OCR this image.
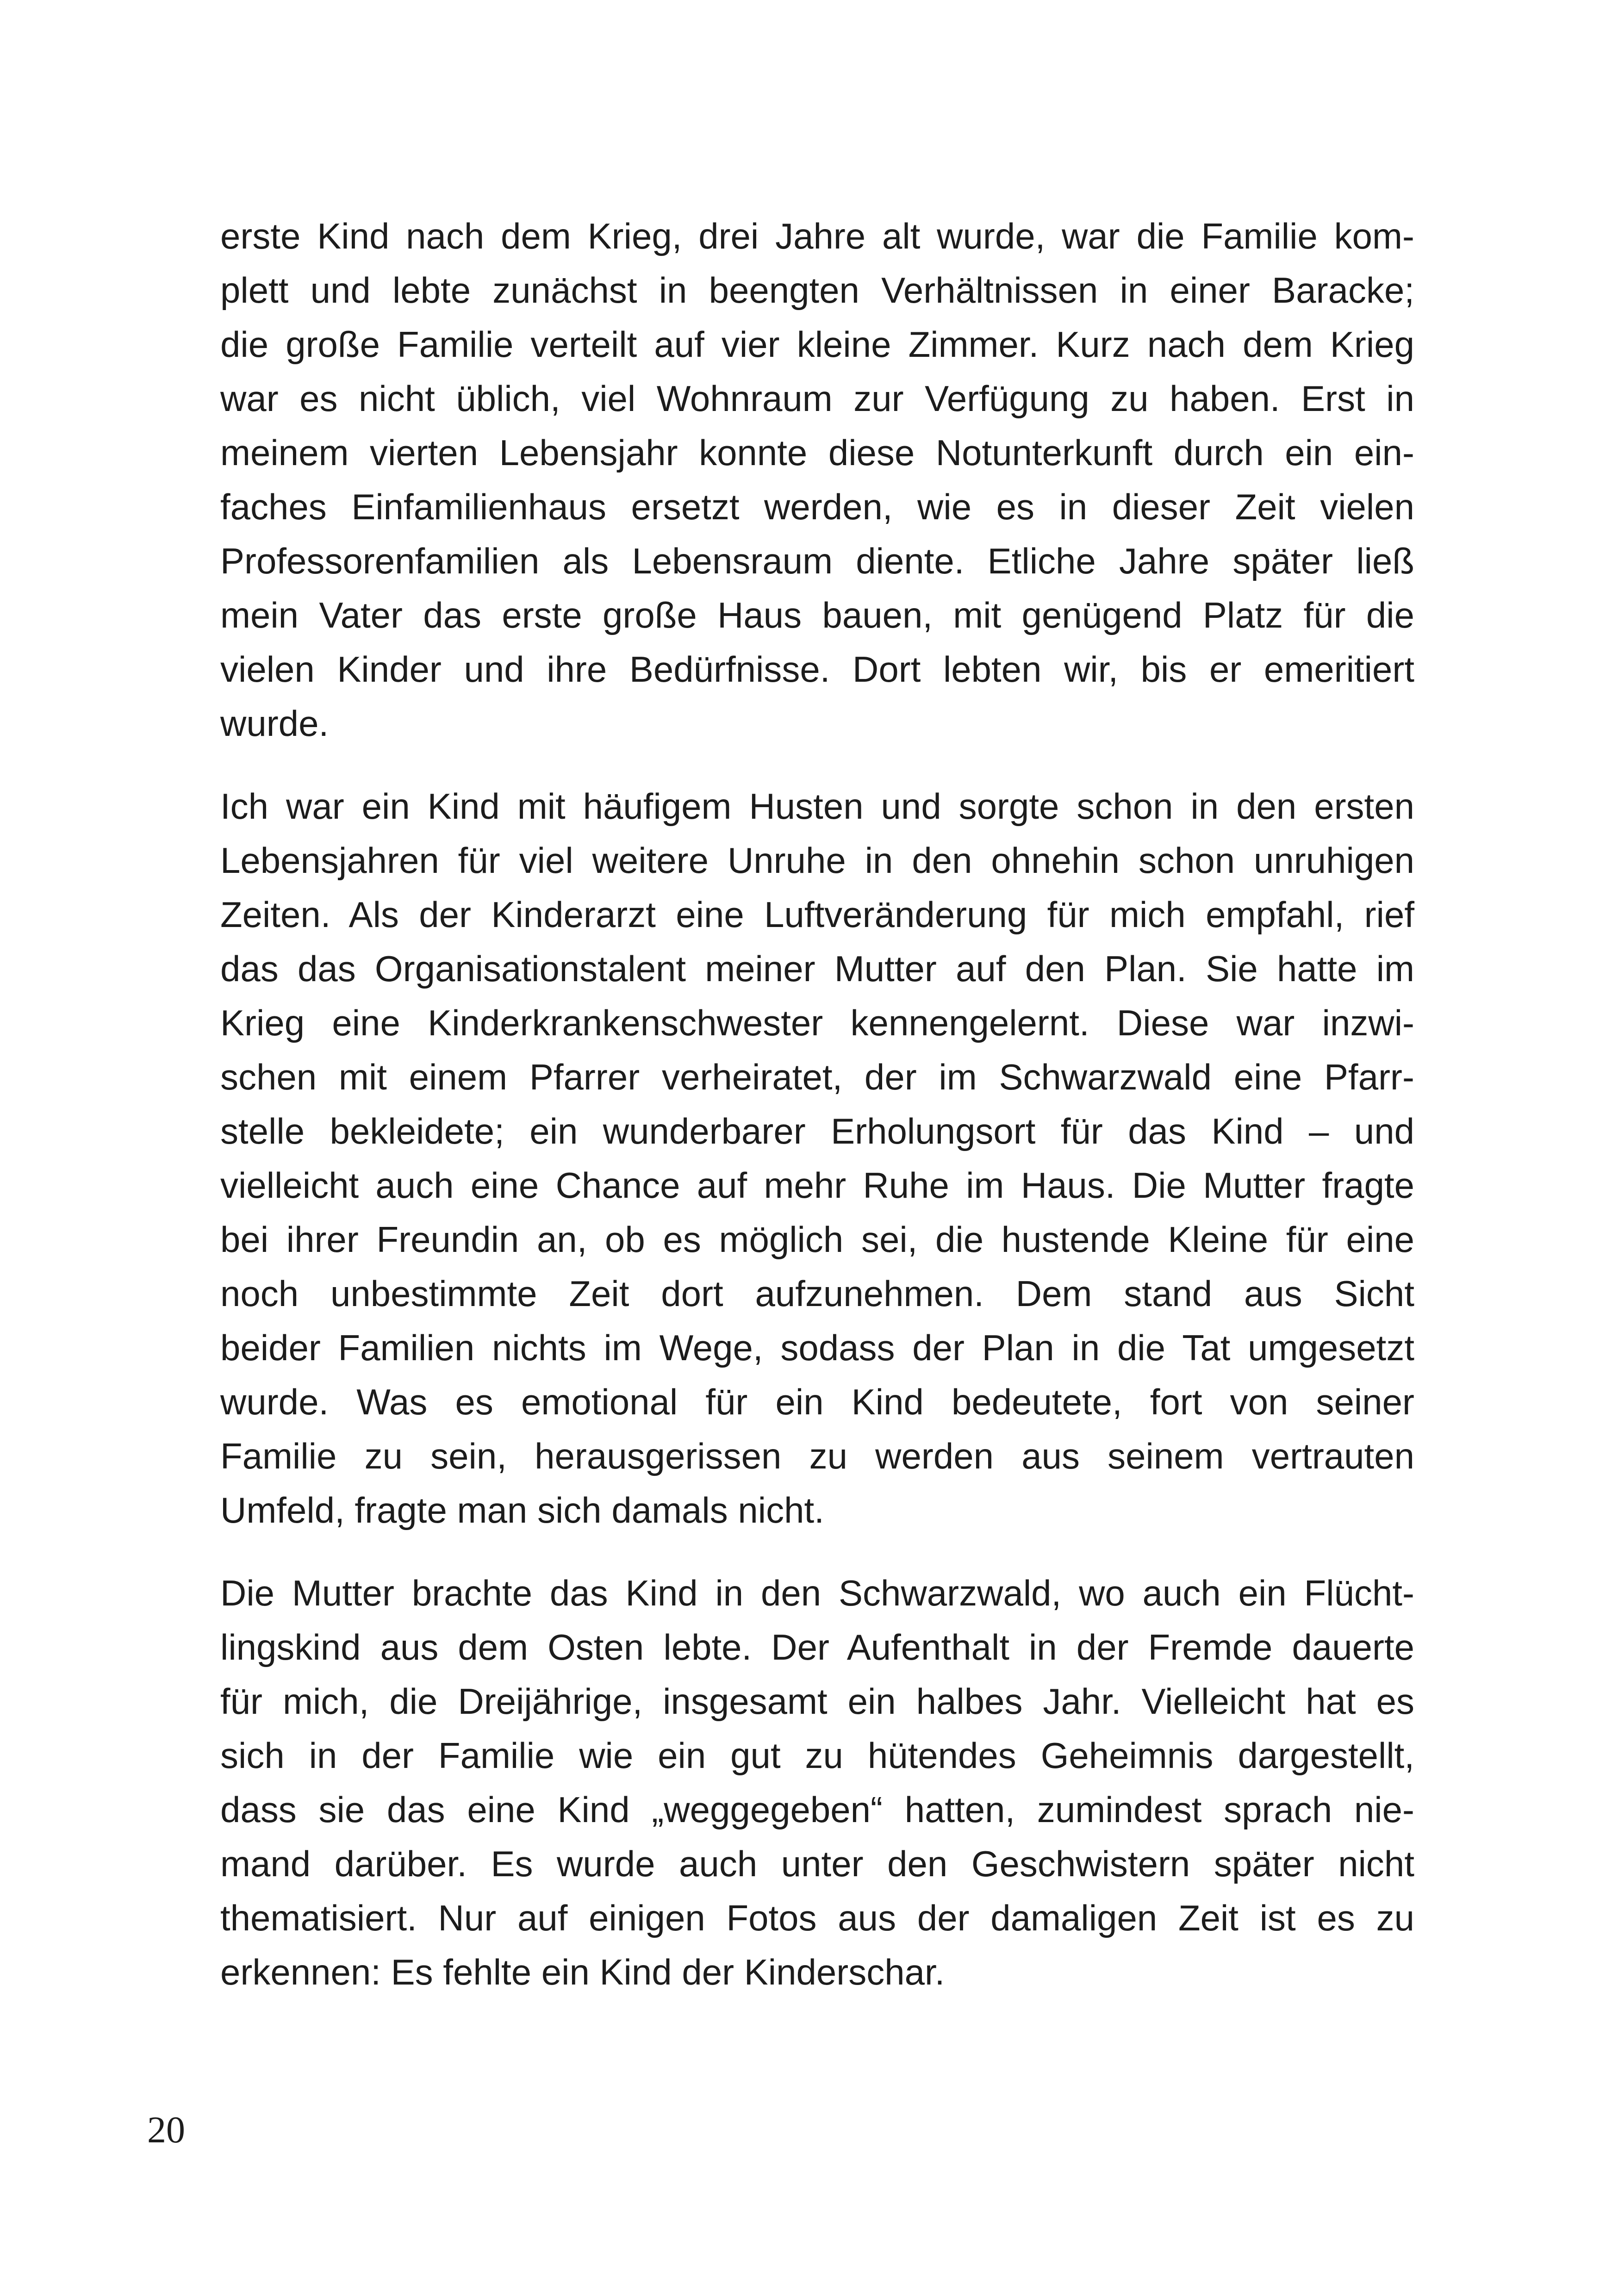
erste Kind nach dem Krieg, drei Jahre alt wurde, war die Familie kom-
plett und lebte zunächst in beengten Verhältnissen in einer Baracke;
die große Familie verteilt auf vier kleine Zimmer. Kurz nach dem Krieg
war es nicht üblich, viel Wohnraum zur Verfügung zu haben. Erst in
meinem vierten Lebensjahr konnte diese Notunterkunft durch ein ein-
faches Einfamilienhaus ersetzt werden, wie es in dieser Zeit vielen
Professorenfamilien als Lebensraum diente. Etliche Jahre später ließ
mein Vater das erste große Haus bauen, mit genügend Platz für die
vielen Kinder und ihre Bedürfnisse. Dort lebten wir, bis er emeritiert
wurde.
Ich war ein Kind mit häufigem Husten und sorgte schon in den ersten
Lebensjahren für viel weitere Unruhe in den ohnehin schon unruhigen
Zeiten. Als der Kinderarzt eine Luftveränderung für mich empfahl, rief
das das Organisationstalent meiner Mutter auf den Plan. Sie hatte im
Krieg eine Kinderkrankenschwester kennengelernt. Diese war inzwi-
schen mit einem Pfarrer verheiratet, der im Schwarzwald eine Pfarr-
stelle bekleidete; ein wunderbarer Erholungsort für das Kind – und
vielleicht auch eine Chance auf mehr Ruhe im Haus. Die Mutter fragte
bei ihrer Freundin an, ob es möglich sei, die hustende Kleine für eine
noch unbestimmte Zeit dort aufzunehmen. Dem stand aus Sicht
beider Familien nichts im Wege, sodass der Plan in die Tat umgesetzt
wurde. Was es emotional für ein Kind bedeutete, fort von seiner
Familie zu sein, herausgerissen zu werden aus seinem vertrauten
Umfeld, fragte man sich damals nicht.
Die Mutter brachte das Kind in den Schwarzwald, wo auch ein Flücht-
lingskind aus dem Osten lebte. Der Aufenthalt in der Fremde dauerte
für mich, die Dreijährige, insgesamt ein halbes Jahr. Vielleicht hat es
sich in der Familie wie ein gut zu hütendes Geheimnis dargestellt,
dass sie das eine Kind „weggegeben“ hatten, zumindest sprach nie-
mand darüber. Es wurde auch unter den Geschwistern später nicht
thematisiert. Nur auf einigen Fotos aus der damaligen Zeit ist es zu
erkennen: Es fehlte ein Kind der Kinderschar.
20
